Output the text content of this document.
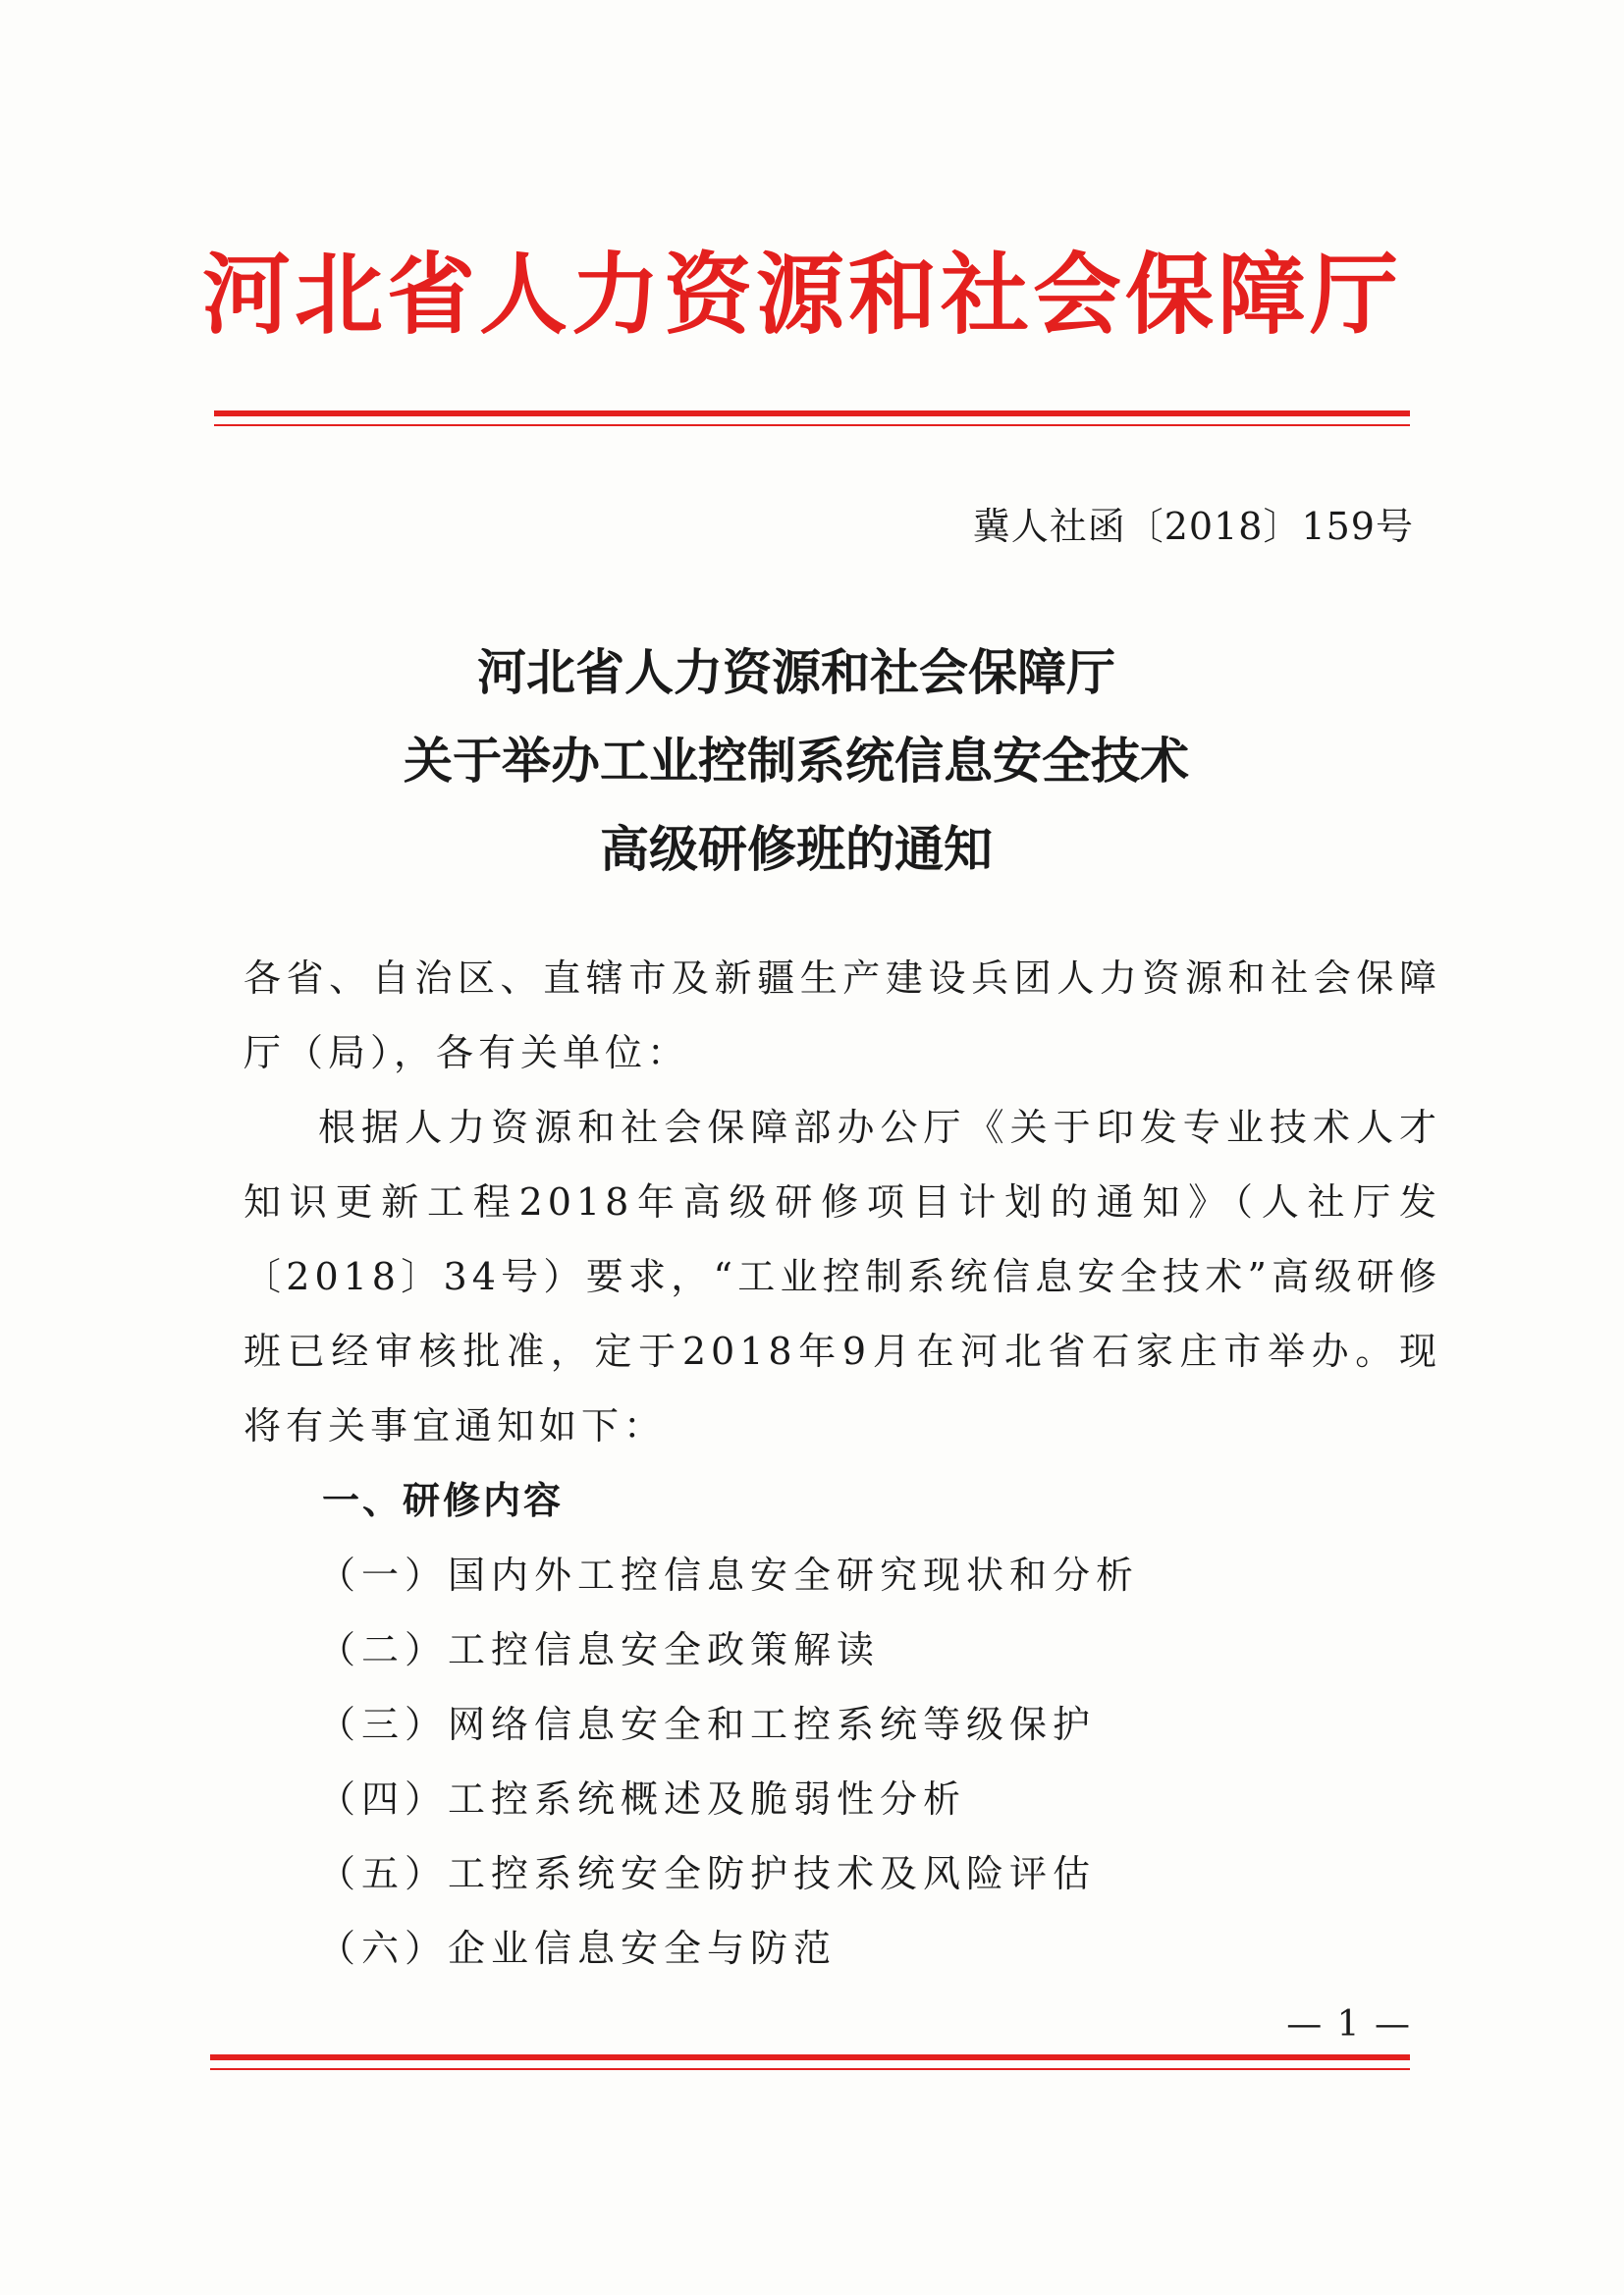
河北省人力资源和社会保障厅
冀人社函〔2018〕159号
河北省人力资源和社会保障厅
关于举办工业控制系统信息安全技术
高级研修班的通知

各省、自治区、直辖市及新疆生产建设兵团人力资源和社会保障厅（局），各有关单位：

根据人力资源和社会保障部办公厅《关于印发专业技术人才知识更新工程2018年高级研修项目计划的通知》（人社厅发〔2018〕34号）要求，“工业控制系统信息安全技术”高级研修班已经审核批准，定于2018年9月在河北省石家庄市举办。现将有关事宜通知如下：

一、研修内容

（一）国内外工控信息安全研究现状和分析

（二）工控信息安全政策解读

（三）网络信息安全和工控系统等级保护

（四）工控系统概述及脆弱性分析

（五）工控系统安全防护技术及风险评估

（六）企业信息安全与防范

— 1 —
